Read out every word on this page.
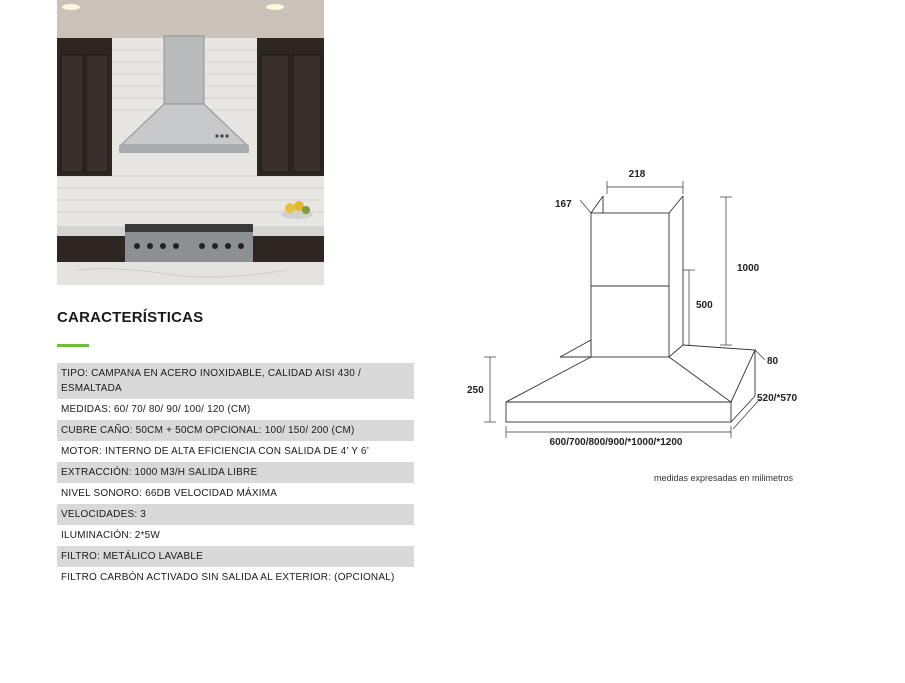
CARACTERÍSTICAS
TIPO: CAMPANA EN ACERO INOXIDABLE, CALIDAD AISI 430 / ESMALTADA
MEDIDAS: 60/ 70/ 80/ 90/ 100/ 120 (CM)
CUBRE CAÑO: 50CM + 50CM OPCIONAL: 100/ 150/ 200 (CM)
MOTOR: INTERNO DE ALTA EFICIENCIA CON SALIDA DE 4’ Y 6’
EXTRACCIÓN: 1000 M3/H SALIDA LIBRE
NIVEL SONORO: 66DB VELOCIDAD MÁXIMA
VELOCIDADES: 3
ILUMINACIÓN: 2*5W
FILTRO: METÁLICO LAVABLE
FILTRO CARBÓN ACTIVADO SIN SALIDA AL EXTERIOR: (OPCIONAL)
218
167
1000
500
250
80
520/*570
600/700/800/900/*1000/*1200
medidas expresadas en milimetros
